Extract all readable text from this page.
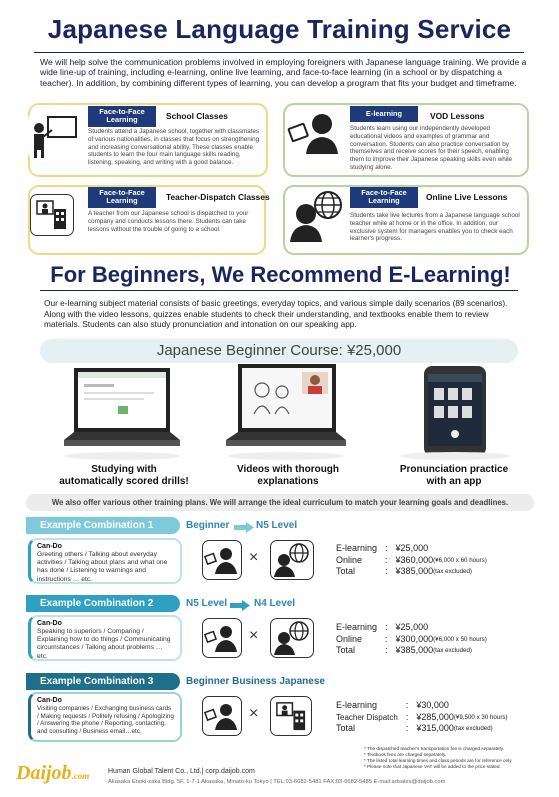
Japanese Language Training Service
We will help solve the communication problems involved in employing foreigners with Japanese language training. We provide a wide line-up of training, including e-learning, online live learning, and face-to-face learning (in a school or by dispatching a teacher). In addition, by combining different types of learning, you can develop a program that fits your budget and timeframe.
Face-to-Face Learning	School Classes
Students attend a Japanese school, together with classmates of various nationalities, in classes that focus on strengthening and increasing conversational ability. These classes enable students to learn the four main language skills reading, listening, speaking, and writing with a good balance.
E-learning	VOD Lessons
Students learn using our independently developed educational videos and examples of grammar and conversation. Students can also practice conversation by themselves and receive scores for their speech, enabling them to improve their Japanese speaking skills even while studying alone.
Face-to-Face Learning	Teacher-Dispatch Classes
A teacher from our Japanese school is dispatched to your company and conducts lessons there. Students can take lessons without the trouble of going to a school.
Face-to-Face Learning	Online Live Lessons
Students take live lectures from a Japanese language school teacher while at home or in the office. In addition, our exclusive system for managers enables you to check each learner's progress.
For Beginners, We Recommend E-Learning!
Our e-learning subject material consists of basic greetings, everyday topics, and various simple daily scenarios (89 scenarios). Along with the video lessons, quizzes enable students to check their understanding, and textbooks enable them to review materials. Students can also study pronunciation and intonation on our speaking app.
Japanese Beginner Course: ¥25,000
Studying with
automatically scored drills!
Videos with thorough
explanations
Pronunciation practice
with an app
We also offer various other training plans. We will arrange the ideal curriculum to match your learning goals and deadlines.
Example Combination 1	Beginner	N5 Level
Can-Do
Greeting others / Talking about everyday activities / Talking about plans and what one has done / Listening to warnings and instructions … etc.
×
E-learning	:	¥25,000	
Online	:	¥360,000	(¥6,000 x 60 hours)
Total	:	¥385,000	(tax excluded)
Example Combination 2	N5 Level	N4 Level
Can-Do
Speaking to superiors / Comparing / Explaining how to do things / Communicating circumstances / Talking about problems … etc.
×	E-learning	:	¥25,000	
Online	:	¥300,000	(¥6,000 x 50 hours)
Total	:	¥385,000	(tax excluded)
Example Combination 3	Beginner Business Japanese
Can-Do
Visiting companies / Exchanging business cards / Making requests / Politely refusing / Apologizing / Answering the phone / Reporting, contacting, and consulting / Business email…etc.
×	E-learning	:	¥30,000	
Teacher Dispatch	:	¥285,000	(¥9,500 x 30 hours)
Total	:	¥315,000	(tax excluded)
* The dispatched teacher's transportation fee is charged separately.
* Textbook fees are charged separately.
* The listed total learning times and class periods are for reference only.
* Please note that Japanese VAT will be added to the price stated.
Daijob.com	Human Global Talent Co., Ltd.| corp.daijob.com
Akasaka Enoki-zaka Bldg. 5F, 1-7-1 Akasaka, Minato-ku Tokyo | TEL:03-6682-5481 FAX:03-6682-5485 E-mail:adsales@daijob.com
